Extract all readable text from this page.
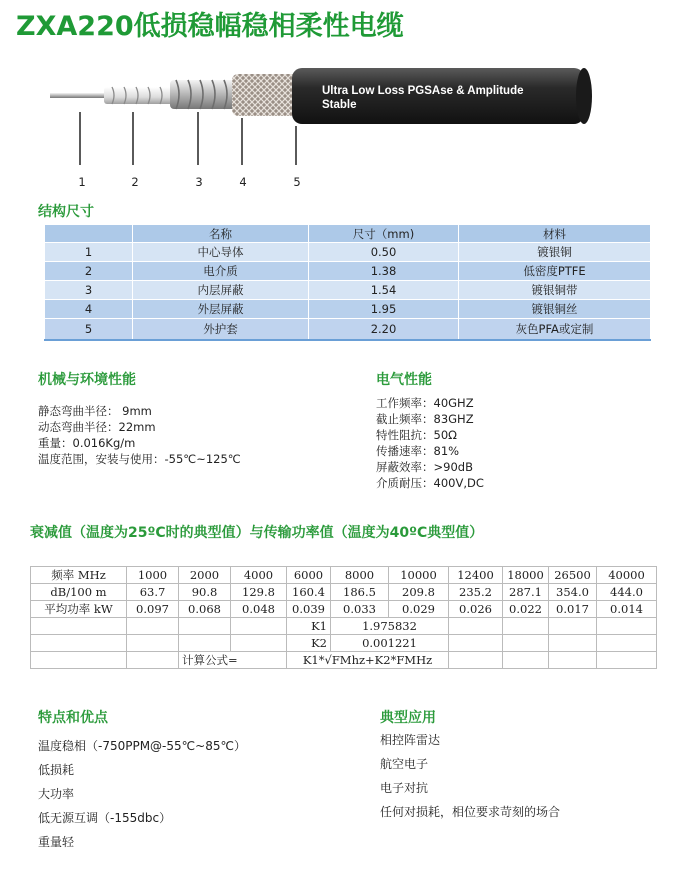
ZXA220低损稳幅稳相柔性电缆
Ultra Low Loss PGSAse & Amplitude
Stable
1	2	3	4	5
结构尺寸
	名称	尺寸（mm)	材料
1	中心导体	0.50	镀银铜
2	电介质	1.38	低密度PTFE
3	内层屏蔽	1.54	镀银铜带
4	外层屏蔽	1.95	镀银铜丝
5	外护套	2.20	灰色PFA或定制
机械与环境性能
静态弯曲半径： 9mm
动态弯曲半径：22mm
重量：0.016Kg/m
温度范围，安装与使用：-55℃~125℃
电气性能
工作频率：40GHZ
截止频率：83GHZ
特性阻抗：50Ω
传播速率：81%
屏蔽效率：>90dB
介质耐压：400V,DC
衰减值（温度为25ºC时的典型值）与传输功率值（温度为40ºC典型值）
频率 MHz	1000	2000	4000	6000	8000	10000	12400	18000	26500	40000
dB/100 m	63.7	90.8	129.8	160.4	186.5	209.8	235.2	287.1	354.0	444.0
平均功率 kW	0.097	0.068	0.048	0.039	0.033	0.029	0.026	0.022	0.017	0.014
				K1	1.975832					
				K2	0.001221					
		计算公式=		K1*√FMhz+K2*FMHz						
特点和优点
温度稳相（-750PPM@-55℃~85℃）
低损耗
大功率
低无源互调（-155dbc）
重量轻
典型应用
相控阵雷达
航空电子
电子对抗
任何对损耗，相位要求苛刻的场合
